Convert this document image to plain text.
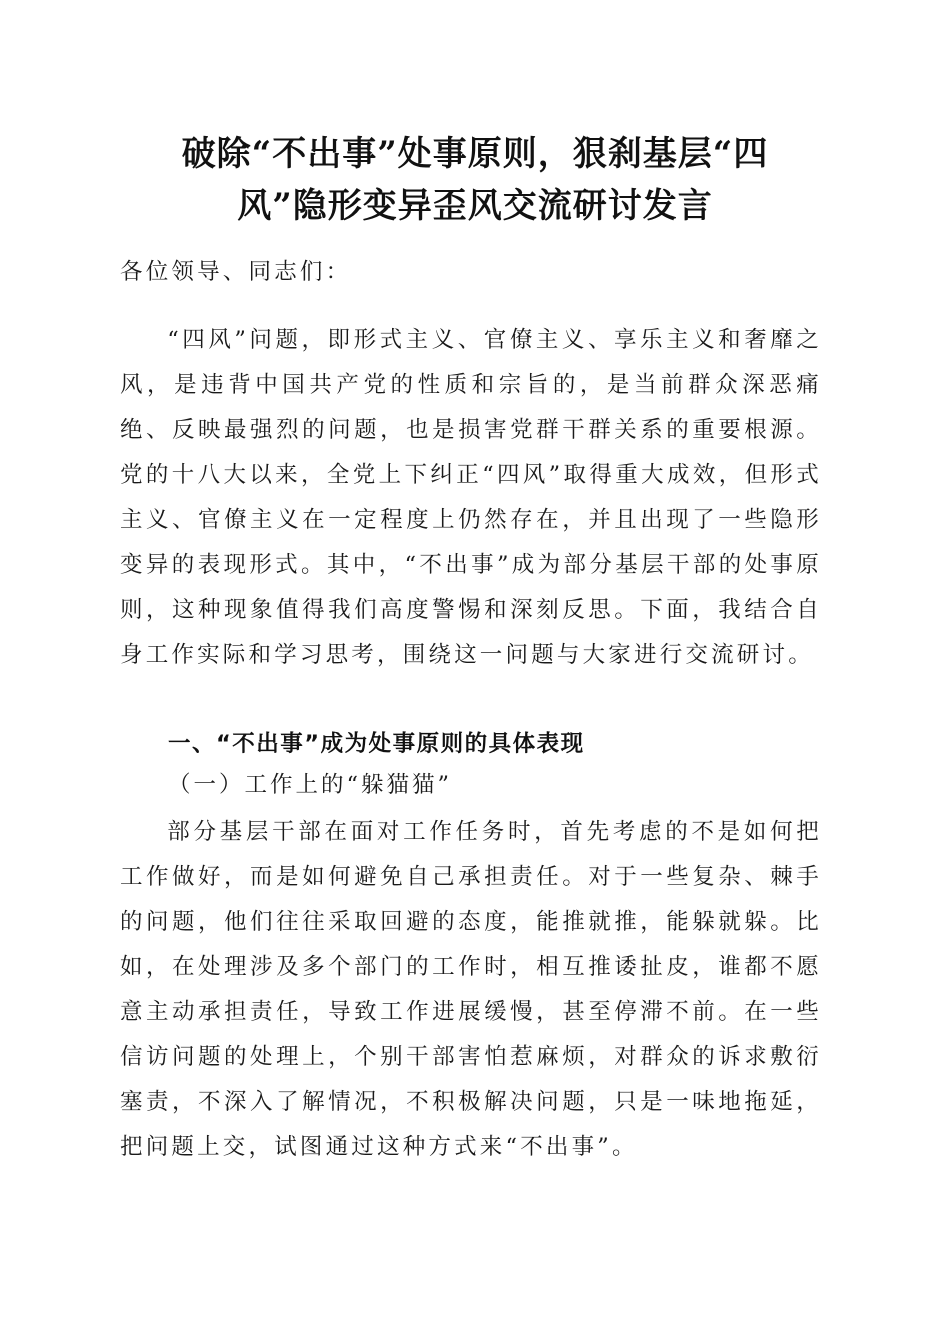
破除“不出事”处事原则，狠刹基层“四
风”隐形变异歪风交流研讨发言
各位领导、同志们：

“四风”问题，即形式主义、官僚主义、享乐主义和奢靡之风，是违背中国共产党的性质和宗旨的，是当前群众深恶痛绝、反映最强烈的问题，也是损害党群干群关系的重要根源。党的十八大以来，全党上下纠正“四风”取得重大成效，但形式主义、官僚主义在一定程度上仍然存在，并且出现了一些隐形变异的表现形式。其中，“不出事”成为部分基层干部的处事原则，这种现象值得我们高度警惕和深刻反思。下面，我结合自身工作实际和学习思考，围绕这一问题与大家进行交流研讨。

一、“不出事”成为处事原则的具体表现
（一）工作上的“躲猫猫”

部分基层干部在面对工作任务时，首先考虑的不是如何把工作做好，而是如何避免自己承担责任。对于一些复杂、棘手的问题，他们往往采取回避的态度，能推就推，能躲就躲。比如，在处理涉及多个部门的工作时，相互推诿扯皮，谁都不愿意主动承担责任，导致工作进展缓慢，甚至停滞不前。在一些信访问题的处理上，个别干部害怕惹麻烦，对群众的诉求敷衍塞责，不深入了解情况，不积极解决问题，只是一味地拖延，把问题上交，试图通过这种方式来“不出事”。
